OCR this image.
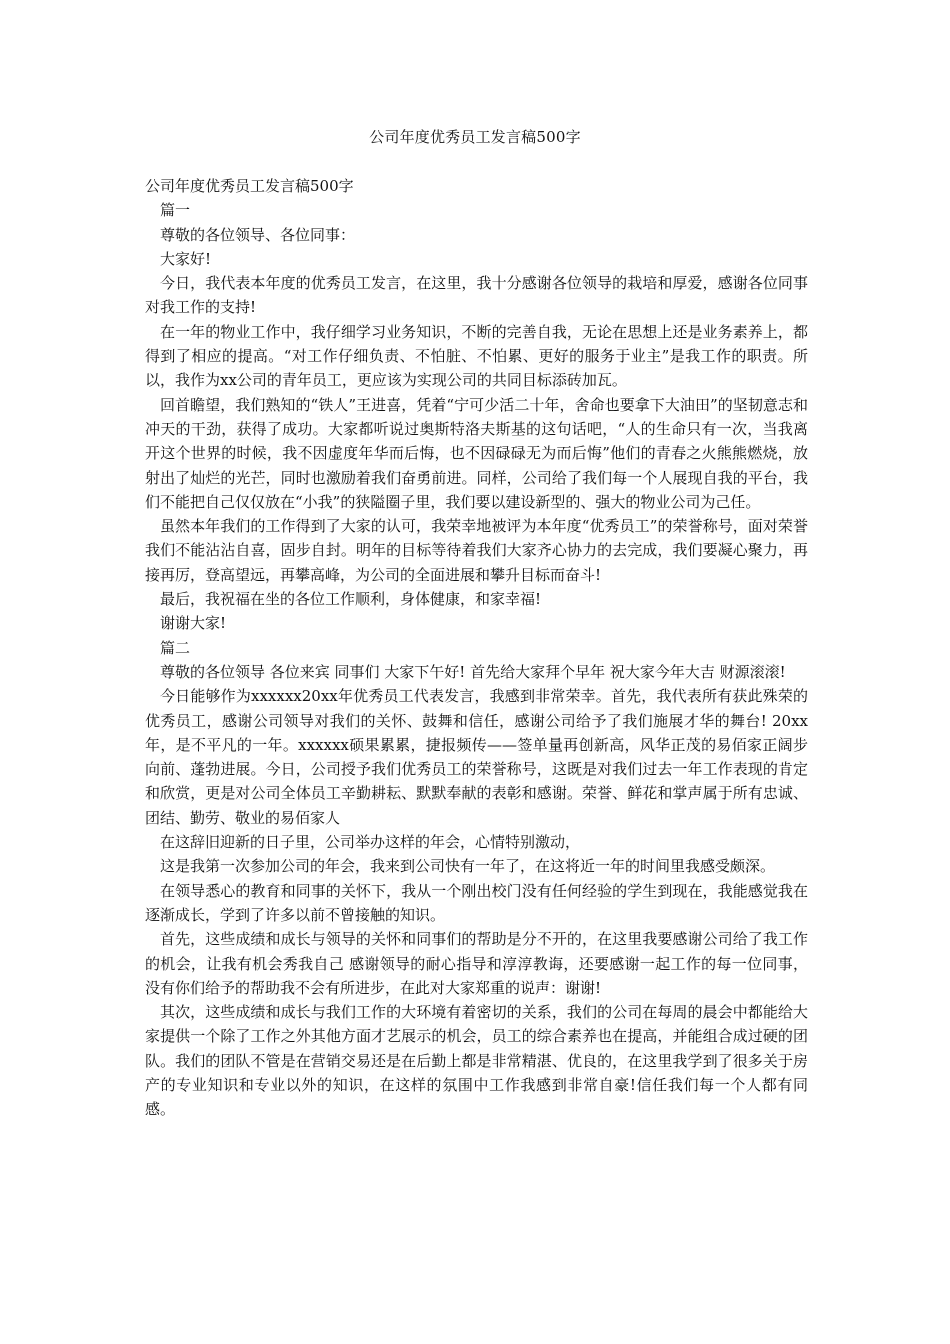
公司年度优秀员工发言稿500字

公司年度优秀员工发言稿500字

篇一

尊敬的各位领导、各位同事：

大家好!

今日，我代表本年度的优秀员工发言，在这里，我十分感谢各位领导的栽培和厚爱，感谢各位同事对我工作的支持!

在一年的物业工作中，我仔细学习业务知识，不断的完善自我，无论在思想上还是业务素养上，都得到了相应的提高。“对工作仔细负责、不怕脏、不怕累、更好的服务于业主”是我工作的职责。所以，我作为xx公司的青年员工，更应该为实现公司的共同目标添砖加瓦。

回首瞻望，我们熟知的“铁人”王进喜，凭着“宁可少活二十年，舍命也要拿下大油田”的坚韧意志和冲天的干劲，获得了成功。大家都听说过奥斯特洛夫斯基的这句话吧，“人的生命只有一次，当我离开这个世界的时候，我不因虚度年华而后悔，也不因碌碌无为而后悔”他们的青春之火熊熊燃烧，放射出了灿烂的光芒，同时也激励着我们奋勇前进。同样，公司给了我们每一个人展现自我的平台，我们不能把自己仅仅放在“小我”的狭隘圈子里，我们要以建设新型的、强大的物业公司为己任。

虽然本年我们的工作得到了大家的认可，我荣幸地被评为本年度“优秀员工”的荣誉称号，面对荣誉我们不能沾沾自喜，固步自封。明年的目标等待着我们大家齐心协力的去完成，我们要凝心聚力，再接再厉，登高望远，再攀高峰，为公司的全面进展和攀升目标而奋斗!

最后，我祝福在坐的各位工作顺利，身体健康，和家幸福!

谢谢大家!

篇二

尊敬的各位领导 各位来宾 同事们 大家下午好! 首先给大家拜个早年 祝大家今年大吉 财源滚滚!

今日能够作为xxxxxx20xx年优秀员工代表发言，我感到非常荣幸。首先，我代表所有获此殊荣的优秀员工，感谢公司领导对我们的关怀、鼓舞和信任，感谢公司给予了我们施展才华的舞台! 20xx年，是不平凡的一年。xxxxxx硕果累累，捷报频传——签单量再创新高，风华正茂的易佰家正阔步向前、蓬勃进展。今日，公司授予我们优秀员工的荣誉称号，这既是对我们过去一年工作表现的肯定和欣赏，更是对公司全体员工辛勤耕耘、默默奉献的表彰和感谢。荣誉、鲜花和掌声属于所有忠诚、团结、勤劳、敬业的易佰家人

在这辞旧迎新的日子里，公司举办这样的年会，心情特别激动，

这是我第一次参加公司的年会，我来到公司快有一年了，在这将近一年的时间里我感受颇深。

在领导悉心的教育和同事的关怀下，我从一个刚出校门没有任何经验的学生到现在，我能感觉我在逐渐成长，学到了许多以前不曾接触的知识。

首先，这些成绩和成长与领导的关怀和同事们的帮助是分不开的，在这里我要感谢公司给了我工作的机会，让我有机会秀我自己 感谢领导的耐心指导和淳淳教诲，还要感谢一起工作的每一位同事，没有你们给予的帮助我不会有所进步，在此对大家郑重的说声：谢谢!

其次，这些成绩和成长与我们工作的大环境有着密切的关系，我们的公司在每周的晨会中都能给大家提供一个除了工作之外其他方面才艺展示的机会，员工的综合素养也在提高，并能组合成过硬的团队。我们的团队不管是在营销交易还是在后勤上都是非常精湛、优良的，在这里我学到了很多关于房产的专业知识和专业以外的知识，在这样的氛围中工作我感到非常自豪!信任我们每一个人都有同感。
